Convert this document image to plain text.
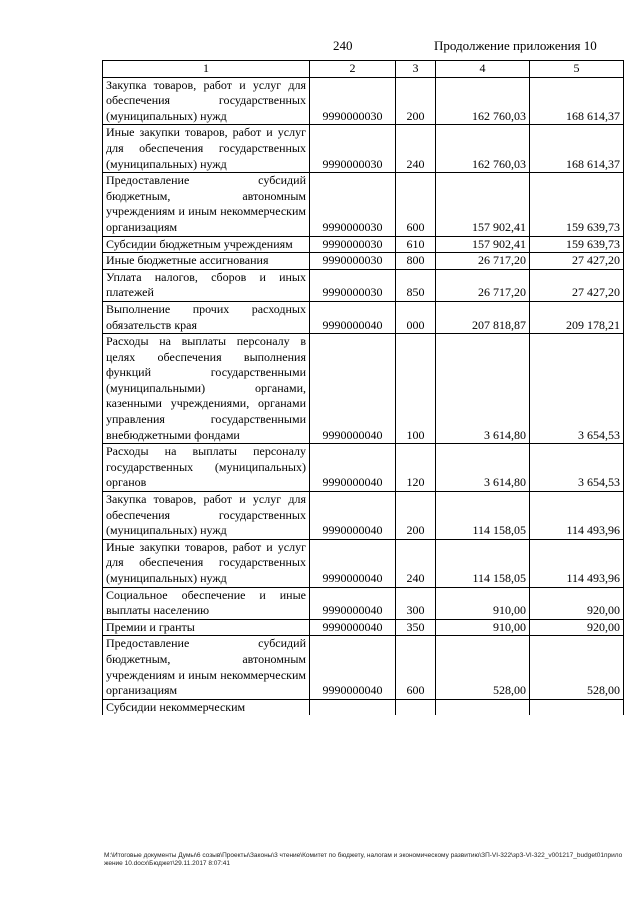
240	Продолжение приложения 10
1	2	3	4	5
Закупка товаров, работ и услуг для обеспечения государственных (муниципальных) нужд	9990000030	200	162 760,03	168 614,37
Иные закупки товаров, работ и услуг для обеспечения государственных (муниципальных) нужд	9990000030	240	162 760,03	168 614,37
Предоставление субсидий бюджетным, автономным учреждениям и иным некоммерческим организациям	9990000030	600	157 902,41	159 639,73
Субсидии бюджетным учреждениям	9990000030	610	157 902,41	159 639,73
Иные бюджетные ассигнования	9990000030	800	26 717,20	27 427,20
Уплата налогов, сборов и иных платежей	9990000030	850	26 717,20	27 427,20
Выполнение прочих расходных обязательств края	9990000040	000	207 818,87	209 178,21
Расходы на выплаты персоналу в целях обеспечения выполнения функций государственными (муниципальными) органами, казенными учреждениями, органами управления государственными внебюджетными фондами	9990000040	100	3 614,80	3 654,53
Расходы на выплаты персоналу государственных (муниципальных) органов	9990000040	120	3 614,80	3 654,53
Закупка товаров, работ и услуг для обеспечения государственных (муниципальных) нужд	9990000040	200	114 158,05	114 493,96
Иные закупки товаров, работ и услуг для обеспечения государственных (муниципальных) нужд	9990000040	240	114 158,05	114 493,96
Социальное обеспечение и иные выплаты населению	9990000040	300	910,00	920,00
Премии и гранты	9990000040	350	910,00	920,00
Предоставление субсидий бюджетным, автономным учреждениям и иным некоммерческим организациям	9990000040	600	528,00	528,00
Субсидии некоммерческим				
М:\Итоговые документы Думы\6 созыв\Проекты\Законы\3 чтение\Комитет по бюджету, налогам и экономическому развитию\ЗП-VI-322\зрЗ-VI-322_v001217_budget01приложение 10.docx\Бюджет\29.11.2017 8:07:41
